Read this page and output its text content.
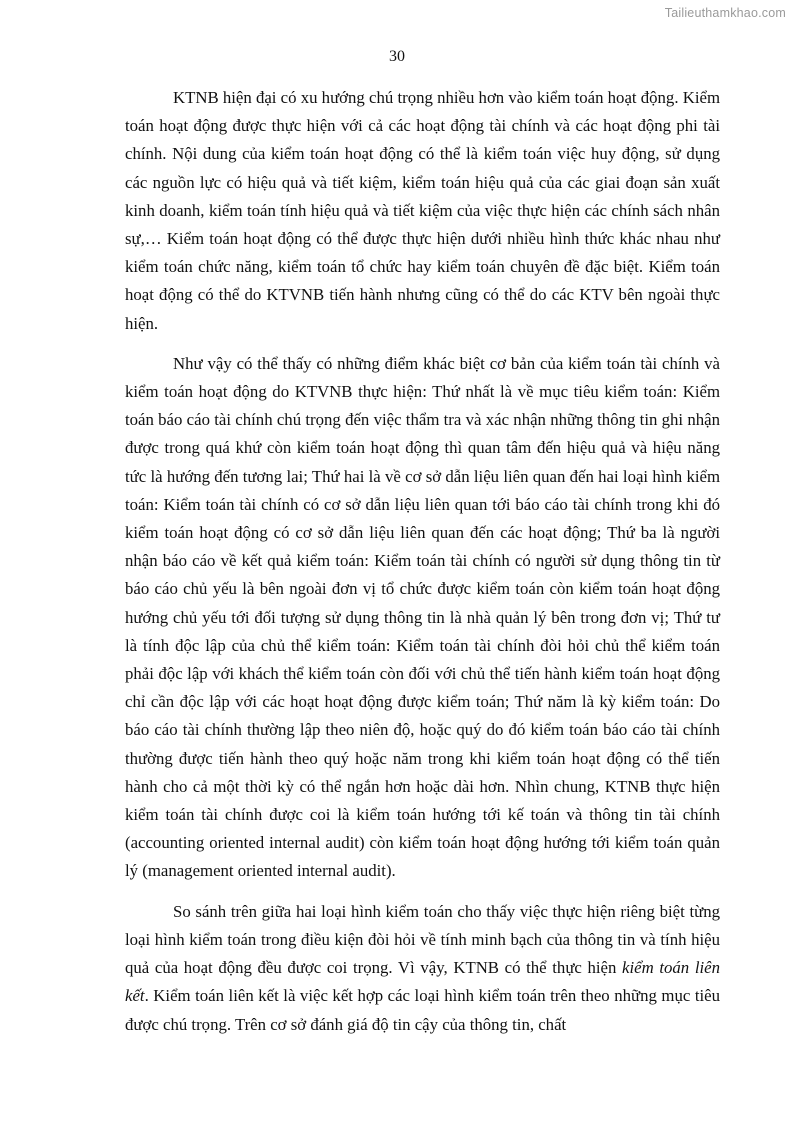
Tailieuthamkhao.com
30

KTNB hiện đại có xu hướng chú trọng nhiều hơn vào kiểm toán hoạt động. Kiểm toán hoạt động được thực hiện với cả các hoạt động tài chính và các hoạt động phi tài chính. Nội dung của kiểm toán hoạt động có thể là kiểm toán việc huy động, sử dụng các nguồn lực có hiệu quả và tiết kiệm, kiểm toán hiệu quả của các giai đoạn sản xuất kinh doanh, kiểm toán tính hiệu quả và tiết kiệm của việc thực hiện các chính sách nhân sự,… Kiểm toán hoạt động có thể được thực hiện dưới nhiều hình thức khác nhau như kiểm toán chức năng, kiểm toán tổ chức hay kiểm toán chuyên đề đặc biệt. Kiểm toán hoạt động có thể do KTVNB tiến hành nhưng cũng có thể do các KTV bên ngoài thực hiện.

Như vậy có thể thấy có những điểm khác biệt cơ bản của kiểm toán tài chính và kiểm toán hoạt động do KTVNB thực hiện: Thứ nhất là về mục tiêu kiểm toán: Kiểm toán báo cáo tài chính chú trọng đến việc thẩm tra và xác nhận những thông tin ghi nhận được trong quá khứ còn kiểm toán hoạt động thì quan tâm đến hiệu quả và hiệu năng tức là hướng đến tương lai; Thứ hai là về cơ sở dẫn liệu liên quan đến hai loại hình kiểm toán: Kiểm toán tài chính có cơ sở dẫn liệu liên quan tới báo cáo tài chính trong khi đó kiểm toán hoạt động có cơ sở dẫn liệu liên quan đến các hoạt động; Thứ ba là người nhận báo cáo về kết quả kiểm toán: Kiểm toán tài chính có người sử dụng thông tin từ báo cáo chủ yếu là bên ngoài đơn vị tổ chức được kiểm toán còn kiểm toán hoạt động hướng chủ yếu tới đối tượng sử dụng thông tin là nhà quản lý bên trong đơn vị; Thứ tư là tính độc lập của chủ thể kiểm toán: Kiểm toán tài chính đòi hỏi chủ thể kiểm toán phải độc lập với khách thể kiểm toán còn đối với chủ thể tiến hành kiểm toán hoạt động chỉ cần độc lập với các hoạt hoạt động được kiểm toán; Thứ năm là kỳ kiểm toán: Do báo cáo tài chính thường lập theo niên độ, hoặc quý do đó kiểm toán báo cáo tài chính thường được tiến hành theo quý hoặc năm trong khi kiểm toán hoạt động có thể tiến hành cho cả một thời kỳ có thể ngắn hơn hoặc dài hơn. Nhìn chung, KTNB thực hiện kiểm toán tài chính được coi là kiểm toán hướng tới kế toán và thông tin tài chính (accounting oriented internal audit) còn kiểm toán hoạt động hướng tới kiểm toán quản lý (management oriented internal audit).

So sánh trên giữa hai loại hình kiểm toán cho thấy việc thực hiện riêng biệt từng loại hình kiểm toán trong điều kiện đòi hỏi về tính minh bạch của thông tin và tính hiệu quả của hoạt động đều được coi trọng. Vì vậy, KTNB có thể thực hiện kiểm toán liên kết. Kiểm toán liên kết là việc kết hợp các loại hình kiểm toán trên theo những mục tiêu được chú trọng. Trên cơ sở đánh giá độ tin cậy của thông tin, chất
